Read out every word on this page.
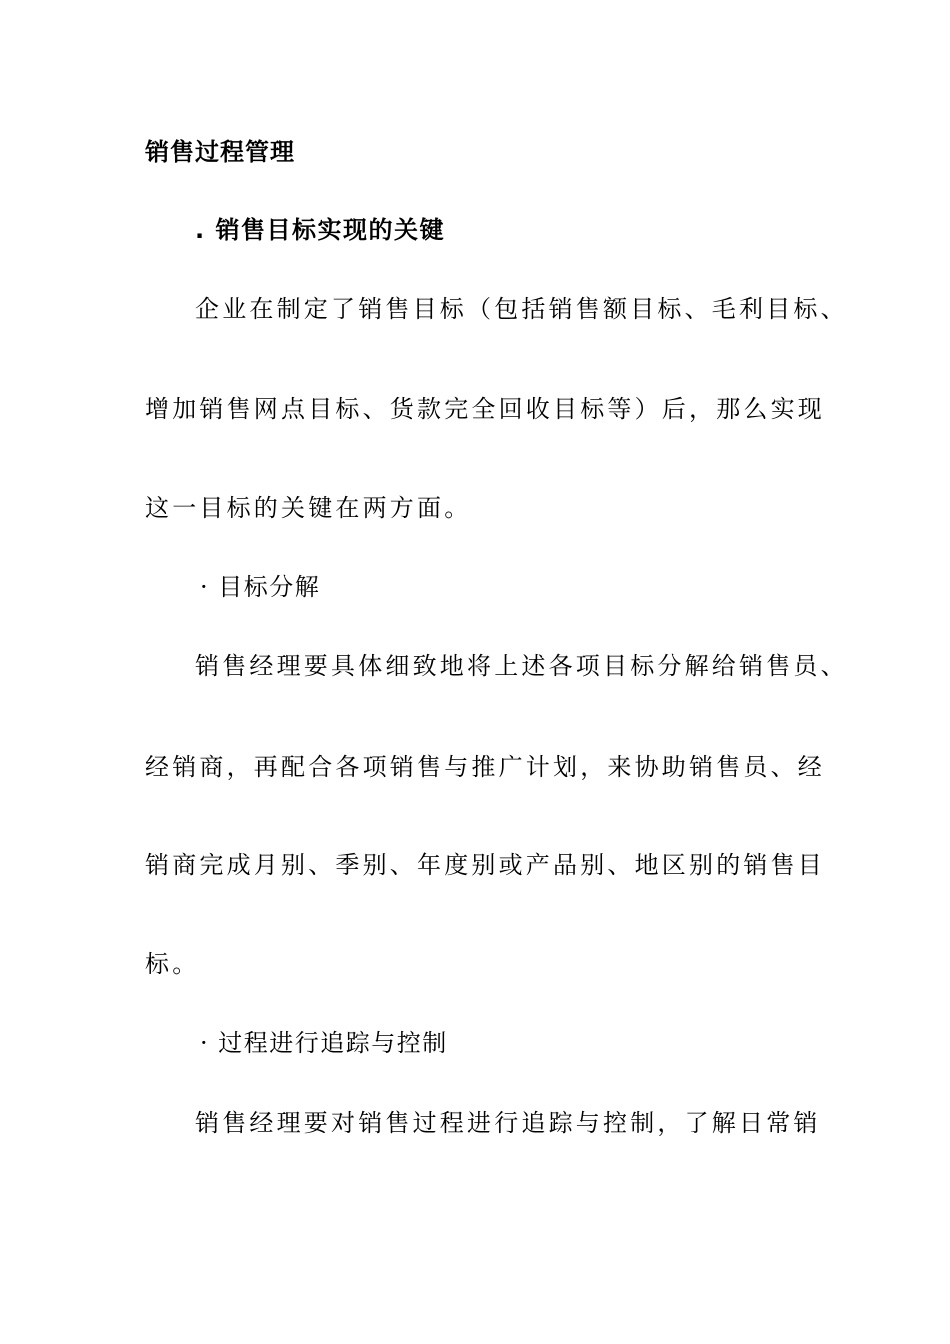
销售过程管理
. 销售目标实现的关键
企业在制定了销售目标（包括销售额目标、毛利目标、
增加销售网点目标、货款完全回收目标等）后，那么实现
这一目标的关键在两方面。
· 目标分解
销售经理要具体细致地将上述各项目标分解给销售员、
经销商，再配合各项销售与推广计划，来协助销售员、经
销商完成月别、季别、年度别或产品别、地区别的销售目
标。
· 过程进行追踪与控制
销售经理要对销售过程进行追踪与控制，了解日常销
